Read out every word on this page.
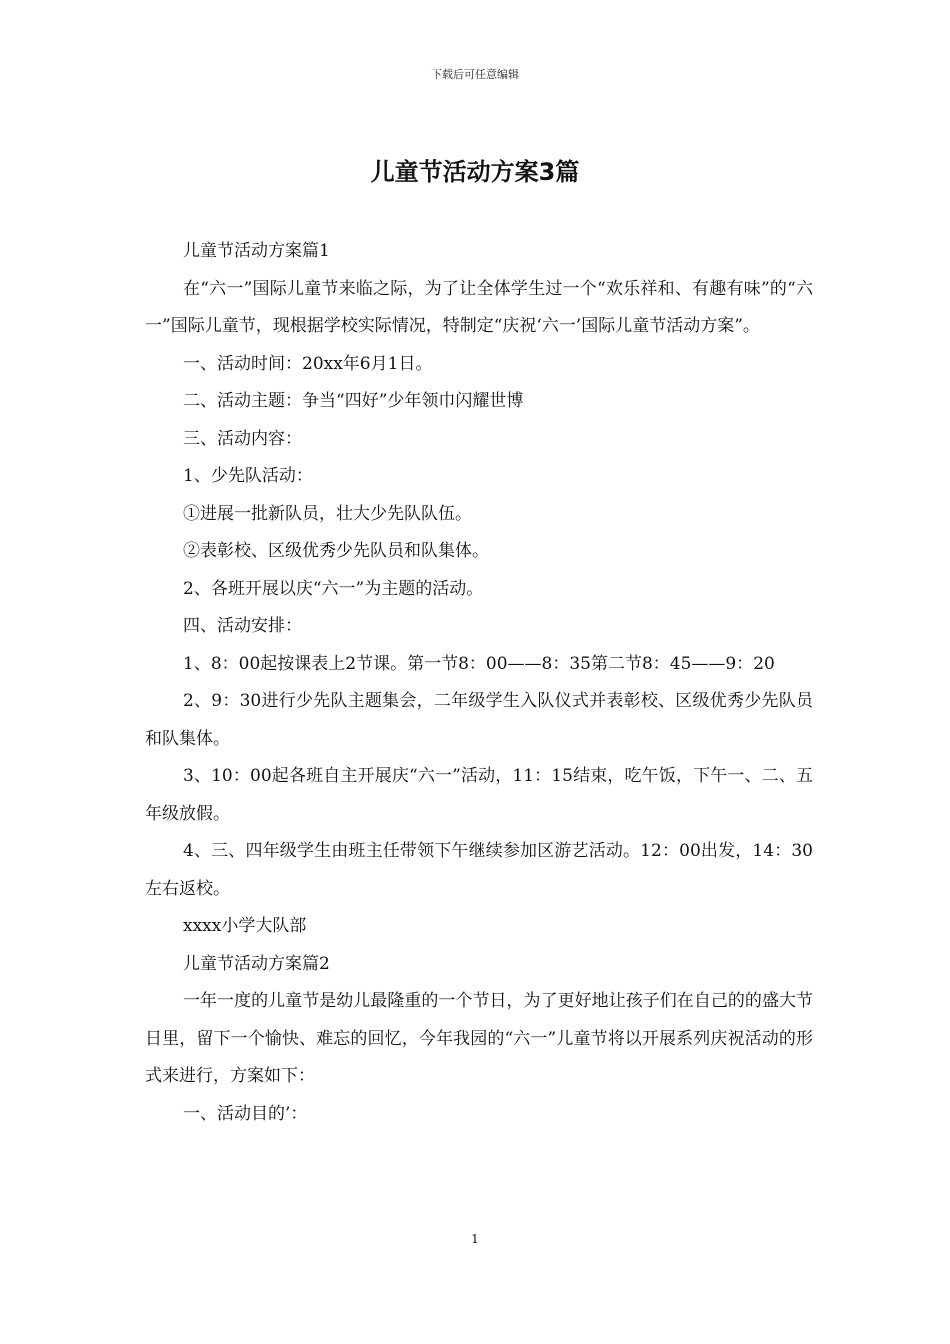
下载后可任意编辑
儿童节活动方案3篇

儿童节活动方案篇1

在“六一”国际儿童节来临之际，为了让全体学生过一个“欢乐祥和、有趣有味”的“六一”国际儿童节，现根据学校实际情况，特制定“庆祝‘六一’国际儿童节活动方案”。

一、活动时间：20xx年6月1日。

二、活动主题：争当“四好”少年领巾闪耀世博

三、活动内容：

1、少先队活动：

①进展一批新队员，壮大少先队队伍。

②表彰校、区级优秀少先队员和队集体。

2、各班开展以庆“六一”为主题的活动。

四、活动安排：

1、8：00起按课表上2节课。第一节8：00——8：35第二节8：45——9：20

2、9：30进行少先队主题集会，二年级学生入队仪式并表彰校、区级优秀少先队员和队集体。

3、10：00起各班自主开展庆“六一”活动，11：15结束，吃午饭，下午一、二、五年级放假。

4、三、四年级学生由班主任带领下午继续参加区游艺活动。12：00出发，14：30左右返校。

xxxx小学大队部

儿童节活动方案篇2

一年一度的儿童节是幼儿最隆重的一个节日，为了更好地让孩子们在自己的的盛大节日里，留下一个愉快、难忘的回忆，今年我园的“六一”儿童节将以开展系列庆祝活动的形式来进行，方案如下：

一、活动目的’：

1
